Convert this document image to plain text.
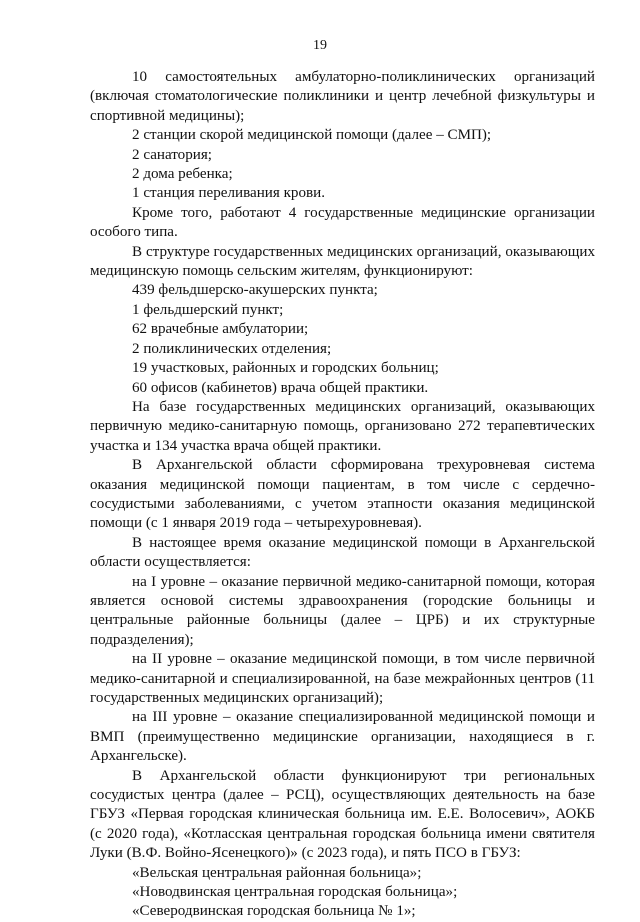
19

10 самостоятельных амбулаторно-поликлинических организаций (включая стоматологические поликлиники и центр лечебной физкультуры и спортивной медицины);

2 станции скорой медицинской помощи (далее – СМП);

2 санатория;

2 дома ребенка;

1 станция переливания крови.

Кроме того, работают 4 государственные медицинские организации особого типа.

В структуре государственных медицинских организаций, оказывающих медицинскую помощь сельским жителям, функционируют:

439 фельдшерско-акушерских пункта;

1 фельдшерский пункт;

62 врачебные амбулатории;

2 поликлинических отделения;

19 участковых, районных и городских больниц;

60 офисов (кабинетов) врача общей практики.

На базе государственных медицинских организаций, оказывающих первичную медико-санитарную помощь, организовано 272 терапевтических участка и 134 участка врача общей практики.

В Архангельской области сформирована трехуровневая система оказания медицинской помощи пациентам, в том числе с сердечно-сосудистыми заболеваниями, с учетом этапности оказания медицинской помощи (с 1 января 2019 года – четырехуровневая).

В настоящее время оказание медицинской помощи в Архангельской области осуществляется:

на I уровне – оказание первичной медико-санитарной помощи, которая является основой системы здравоохранения (городские больницы и центральные районные больницы (далее – ЦРБ) и их структурные подразделения);

на II уровне – оказание медицинской помощи, в том числе первичной медико-санитарной и специализированной, на базе межрайонных центров (11 государственных медицинских организаций);

на III уровне – оказание специализированной медицинской помощи и ВМП (преимущественно медицинские организации, находящиеся в г. Архангельске).

В Архангельской области функционируют три региональных сосудистых центра (далее – РСЦ), осуществляющих деятельность на базе ГБУЗ «Первая городская клиническая больница им. Е.Е. Волосевич», АОКБ (с 2020 года), «Котласская центральная городская больница имени святителя Луки (В.Ф. Войно-Ясенецкого)» (с 2023 года), и пять ПСО в ГБУЗ:

«Вельская центральная районная больница»;

«Новодвинская центральная городская больница»;

«Северодвинская городская больница № 1»;
